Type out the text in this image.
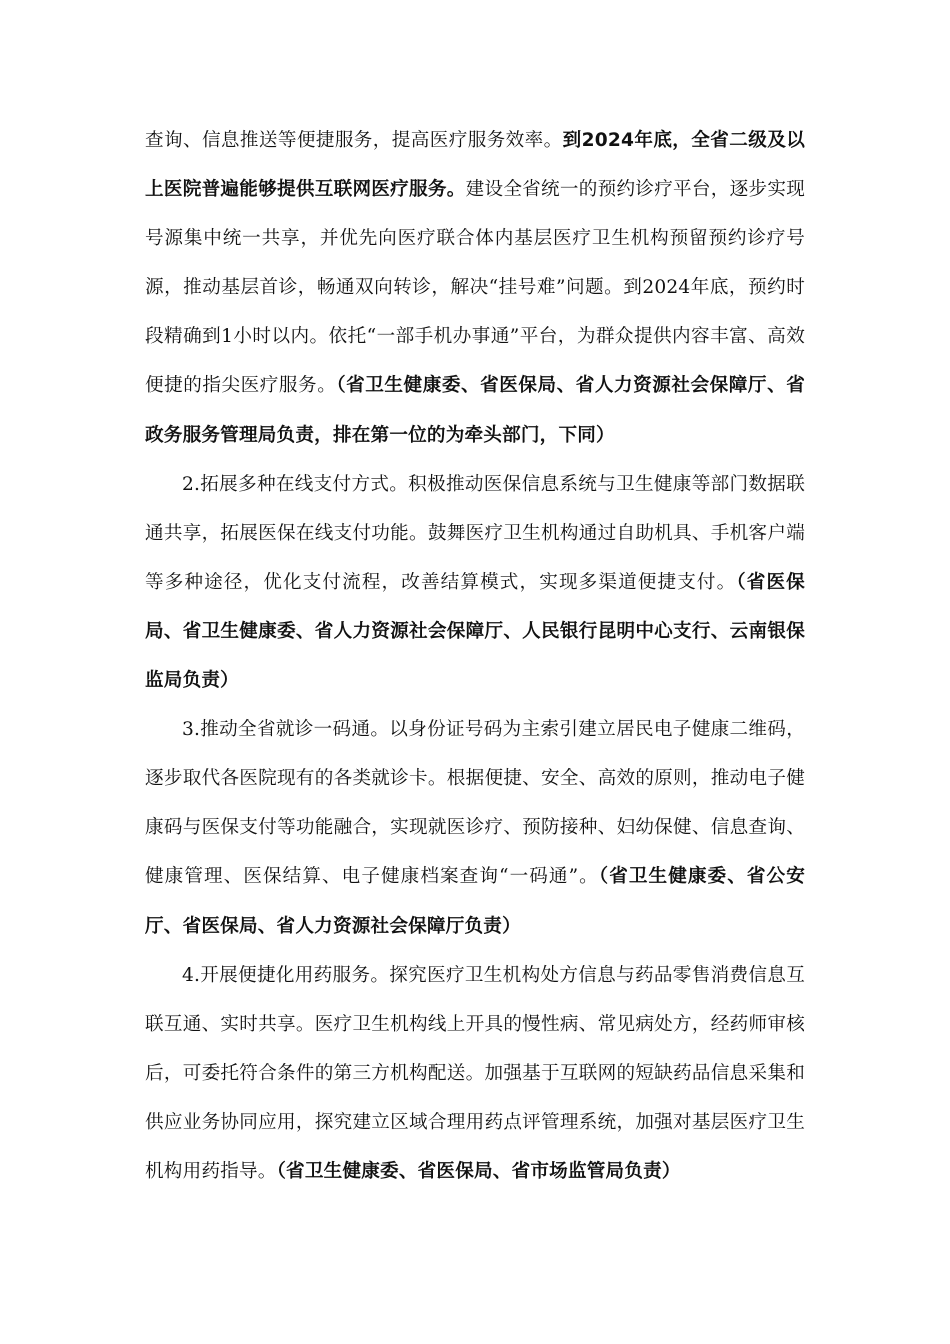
查询、信息推送等便捷服务，提高医疗服务效率。到2024年底，全省二级及以上医院普遍能够提供互联网医疗服务。建设全省统一的预约诊疗平台，逐步实现号源集中统一共享，并优先向医疗联合体内基层医疗卫生机构预留预约诊疗号源，推动基层首诊，畅通双向转诊，解决“挂号难”问题。到2024年底，预约时段精确到1小时以内。依托“一部手机办事通”平台，为群众提供内容丰富、高效便捷的指尖医疗服务。（省卫生健康委、省医保局、省人力资源社会保障厅、省政务服务管理局负责，排在第一位的为牵头部门，下同）

2.拓展多种在线支付方式。积极推动医保信息系统与卫生健康等部门数据联通共享，拓展医保在线支付功能。鼓舞医疗卫生机构通过自助机具、手机客户端等多种途径，优化支付流程，改善结算模式，实现多渠道便捷支付。（省医保局、省卫生健康委、省人力资源社会保障厅、人民银行昆明中心支行、云南银保监局负责）

3.推动全省就诊一码通。以身份证号码为主索引建立居民电子健康二维码，逐步取代各医院现有的各类就诊卡。根据便捷、安全、高效的原则，推动电子健康码与医保支付等功能融合，实现就医诊疗、预防接种、妇幼保健、信息查询、健康管理、医保结算、电子健康档案查询“一码通”。（省卫生健康委、省公安厅、省医保局、省人力资源社会保障厅负责）

4.开展便捷化用药服务。探究医疗卫生机构处方信息与药品零售消费信息互联互通、实时共享。医疗卫生机构线上开具的慢性病、常见病处方，经药师审核后，可委托符合条件的第三方机构配送。加强基于互联网的短缺药品信息采集和供应业务协同应用，探究建立区域合理用药点评管理系统，加强对基层医疗卫生机构用药指导。（省卫生健康委、省医保局、省市场监管局负责）
